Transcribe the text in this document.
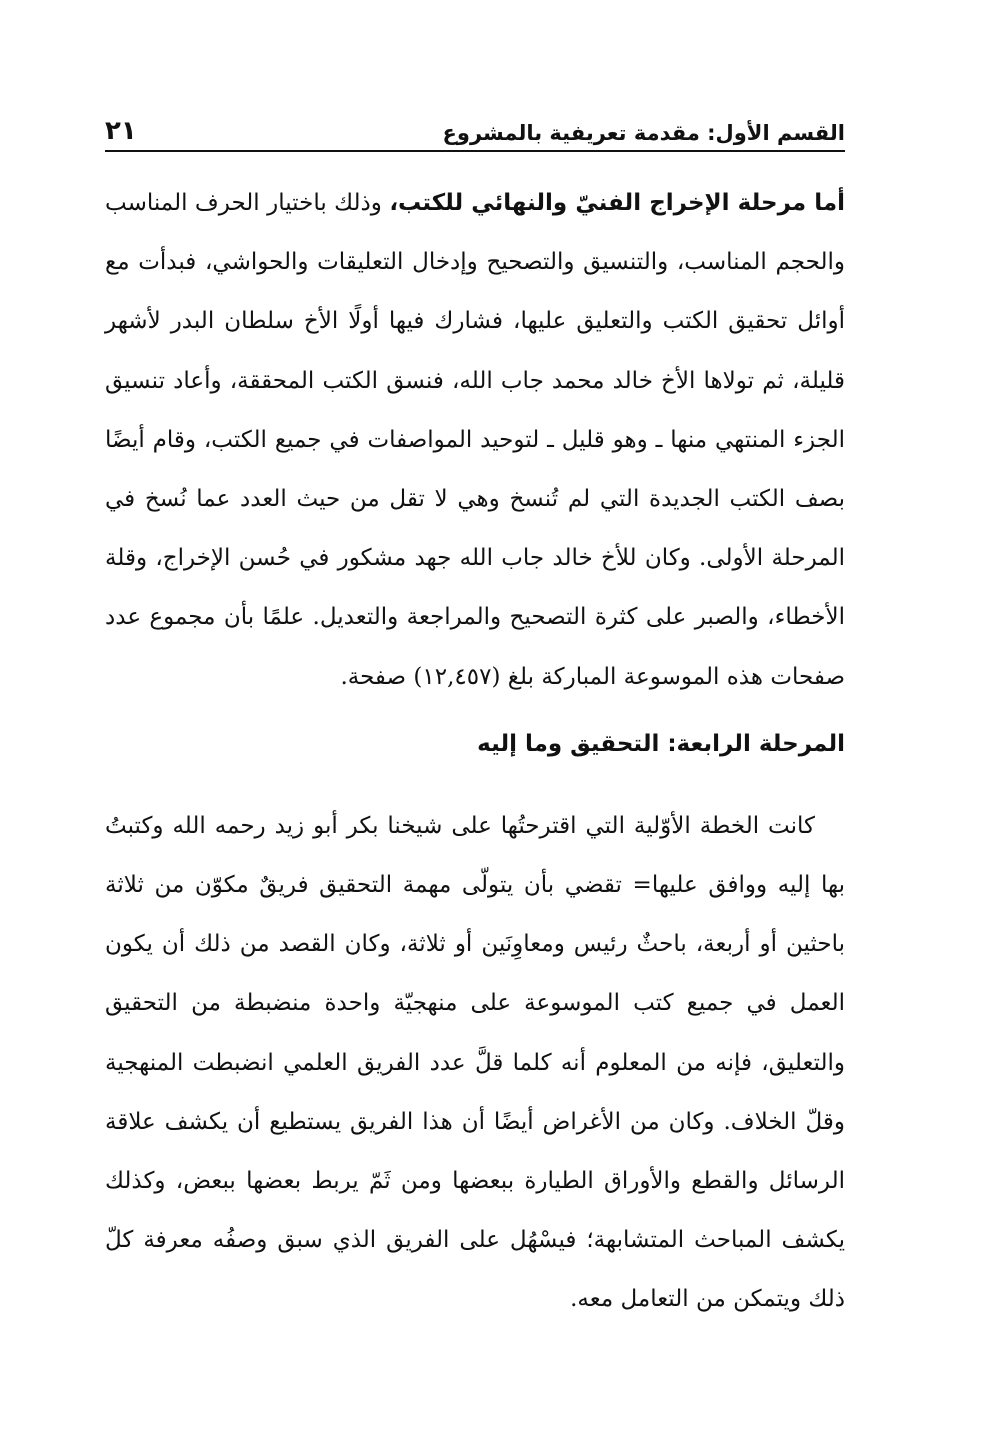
القسم الأول: مقدمة تعريفية بالمشروع
٢١

أما مرحلة الإخراج الفنيّ والنهائي للكتب، وذلك باختيار الحرف المناسب والحجم المناسب، والتنسيق والتصحيح وإدخال التعليقات والحواشي، فبدأت مع أوائل تحقيق الكتب والتعليق عليها، فشارك فيها أولًا الأخ سلطان البدر لأشهر قليلة، ثم تولاها الأخ خالد محمد جاب الله، فنسق الكتب المحققة، وأعاد تنسيق الجزء المنتهي منها ـ وهو قليل ـ لتوحيد المواصفات في جميع الكتب، وقام أيضًا بصف الكتب الجديدة التي لم تُنسخ وهي لا تقل من حيث العدد عما نُسخ في المرحلة الأولى. وكان للأخ خالد جاب الله جهد مشكور في حُسن الإخراج، وقلة الأخطاء، والصبر على كثرة التصحيح والمراجعة والتعديل. علمًا بأن مجموع عدد صفحات هذه الموسوعة المباركة بلغ (١٢,٤٥٧) صفحة.

المرحلة الرابعة: التحقيق وما إليه

كانت الخطة الأوّلية التي اقترحتُها على شيخنا بكر أبو زيد رحمه الله وكتبتُ بها إليه ووافق عليها= تقضي بأن يتولّى مهمة التحقيق فريقٌ مكوّن من ثلاثة باحثين أو أربعة، باحثٌ رئيس ومعاوِنَين أو ثلاثة، وكان القصد من ذلك أن يكون العمل في جميع كتب الموسوعة على منهجيّة واحدة منضبطة من التحقيق والتعليق، فإنه من المعلوم أنه كلما قلَّ عدد الفريق العلمي انضبطت المنهجية وقلّ الخلاف. وكان من الأغراض أيضًا أن هذا الفريق يستطيع أن يكشف علاقة الرسائل والقطع والأوراق الطيارة ببعضها ومن ثَمّ يربط بعضها ببعض، وكذلك يكشف المباحث المتشابهة؛ فيسْهُل على الفريق الذي سبق وصفُه معرفة كلّ ذلك ويتمكن من التعامل معه.
